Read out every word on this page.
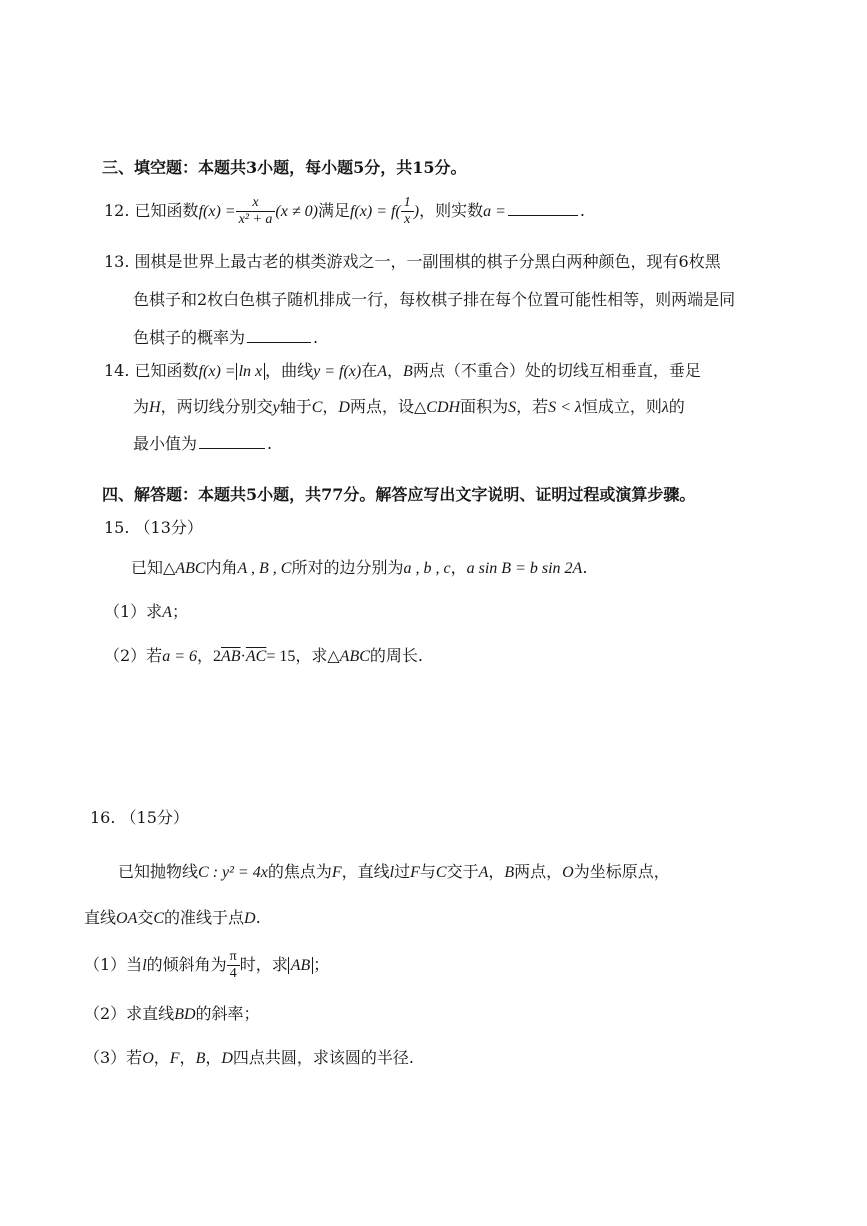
三、填空题：本题共3小题，每小题5分，共15分。
12. 已知函数$f(x) = \frac{x}{\text{x² + a}} (x \ne 0)$满足$f(x) = f( \frac{1}{x}$ )，则实数a =	.
13. 围棋是世界上最古老的棋类游戏之一，一副围棋的棋子分黑白两种颜色，现有6枚黑
色棋子和2枚白色棋子随机排成一行，每枚棋子排在每个位置可能性相等，则两端是同
色棋子的概率为	.
14. 已知函数f(x) = ln x ，曲线y = f(x)在A，B两点（不重合）处的切线互相垂直，垂足
为H，两切线分别交y轴于C，D两点，设△CDH面积为S，若S < λ恒成立，则λ的
最小值为	.
四、解答题：本题共5小题，共77分。解答应写出文字说明、证明过程或演算步骤。
15. （13分）
已知△ABC内角A , B , C所对的边分别为a , b , c，a sin B = b sin 2A.
（1）求A；
（2）若a = 6，$2\overline{AB}\cdot\overline{AC}= 15$，求△ABC的周长.
16. （15分）
已知抛物线C : y² = 4x的焦点为F，直线l过F与C交于A，B两点，O为坐标原点，
直线OA交C的准线于点D.
（1）当l的倾斜角为 $\frac{\pi}{4}$ 时，求 AB ；
（2）求直线BD的斜率；
（3）若O，F，B，D四点共圆，求该圆的半径.
